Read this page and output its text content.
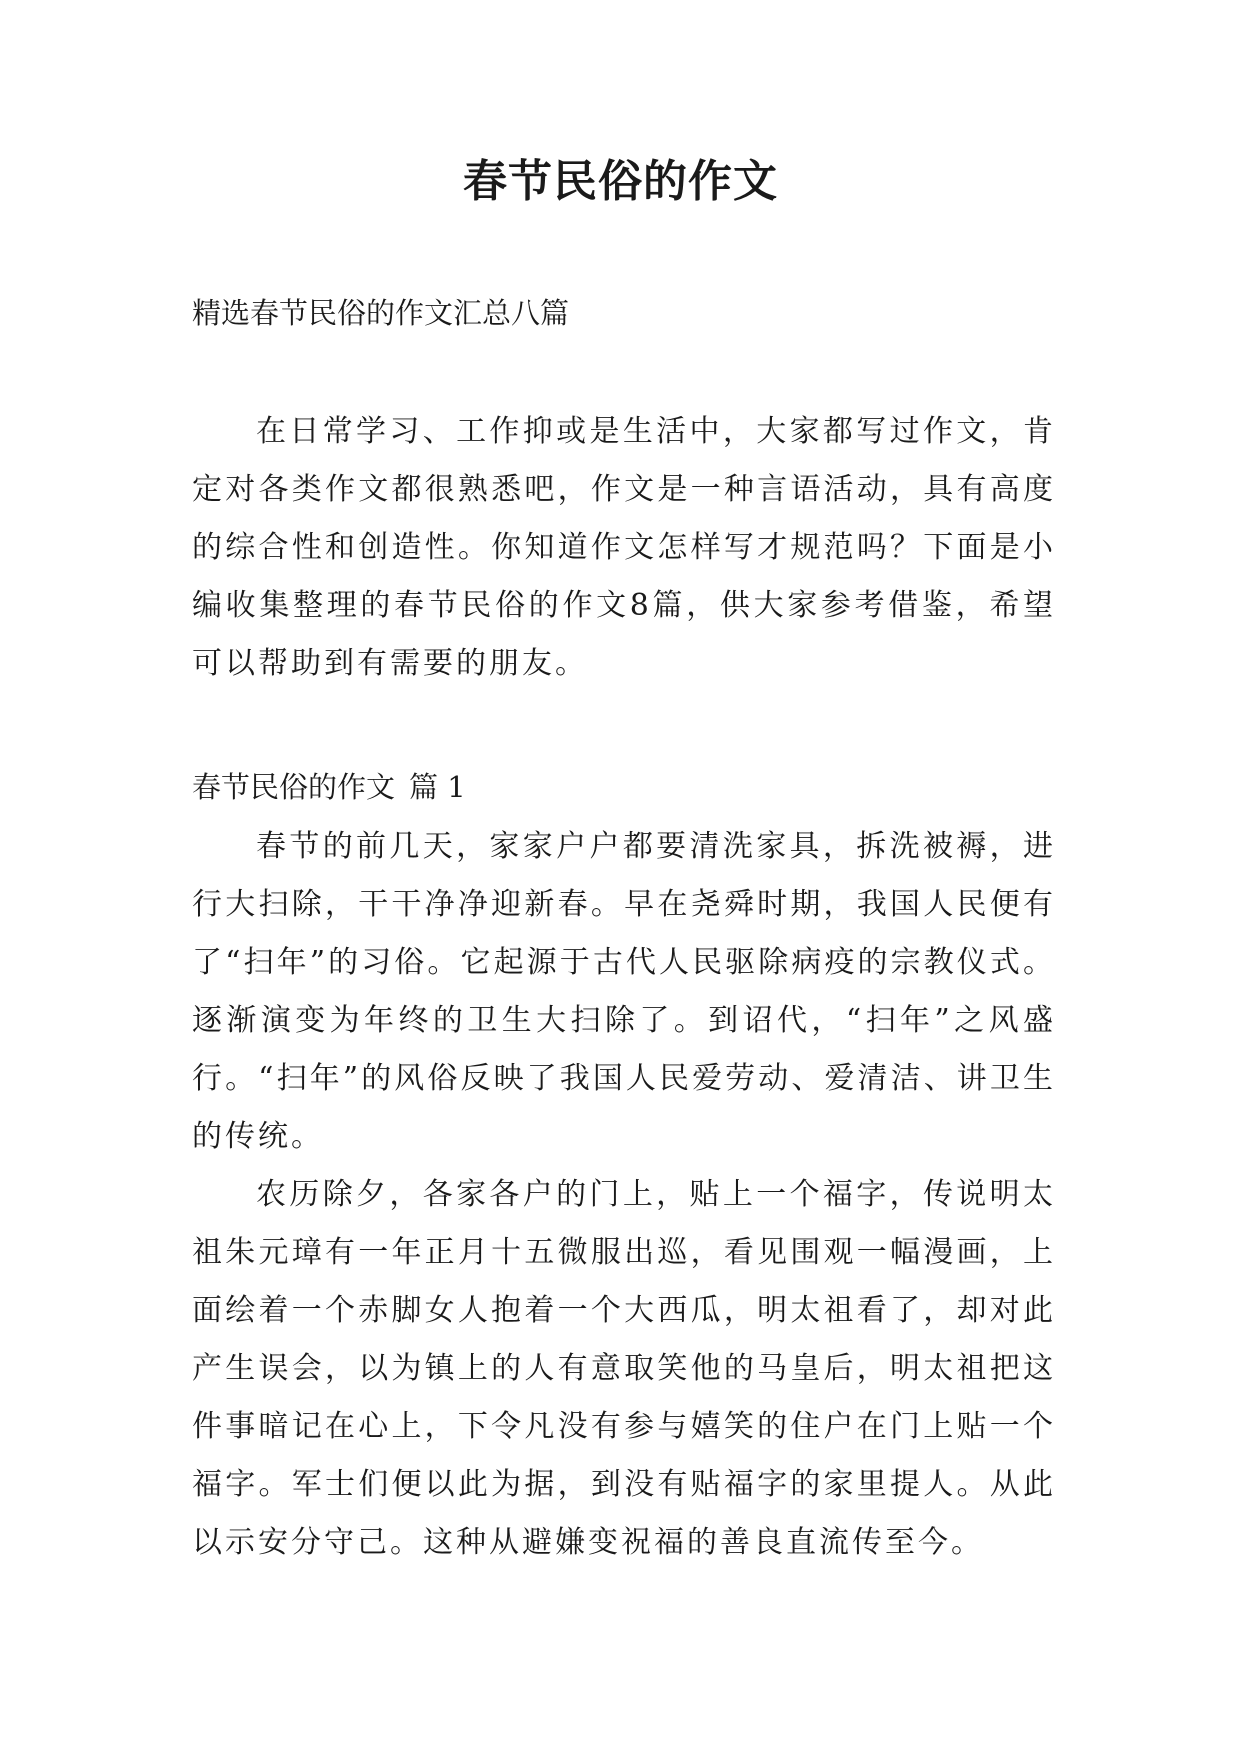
春节民俗的作文

精选春节民俗的作文汇总八篇

在日常学习、工作抑或是生活中，大家都写过作文，肯定对各类作文都很熟悉吧，作文是一种言语活动，具有高度的综合性和创造性。你知道作文怎样写才规范吗？下面是小编收集整理的春节民俗的作文8篇，供大家参考借鉴，希望可以帮助到有需要的朋友。

春节民俗的作文 篇 1

春节的前几天，家家户户都要清洗家具，拆洗被褥，进行大扫除，干干净净迎新春。早在尧舜时期，我国人民便有了“扫年”的习俗。它起源于古代人民驱除病疫的宗教仪式。逐渐演变为年终的卫生大扫除了。到诏代，“扫年”之风盛行。“扫年”的风俗反映了我国人民爱劳动、爱清洁、讲卫生的传统。

农历除夕，各家各户的门上，贴上一个福字，传说明太祖朱元璋有一年正月十五微服出巡，看见围观一幅漫画，上面绘着一个赤脚女人抱着一个大西瓜，明太祖看了，却对此产生误会，以为镇上的人有意取笑他的马皇后，明太祖把这件事暗记在心上，下令凡没有参与嬉笑的住户在门上贴一个福字。军士们便以此为据，到没有贴福字的家里提人。从此以示安分守己。这种从避嫌变祝福的善良直流传至今。
